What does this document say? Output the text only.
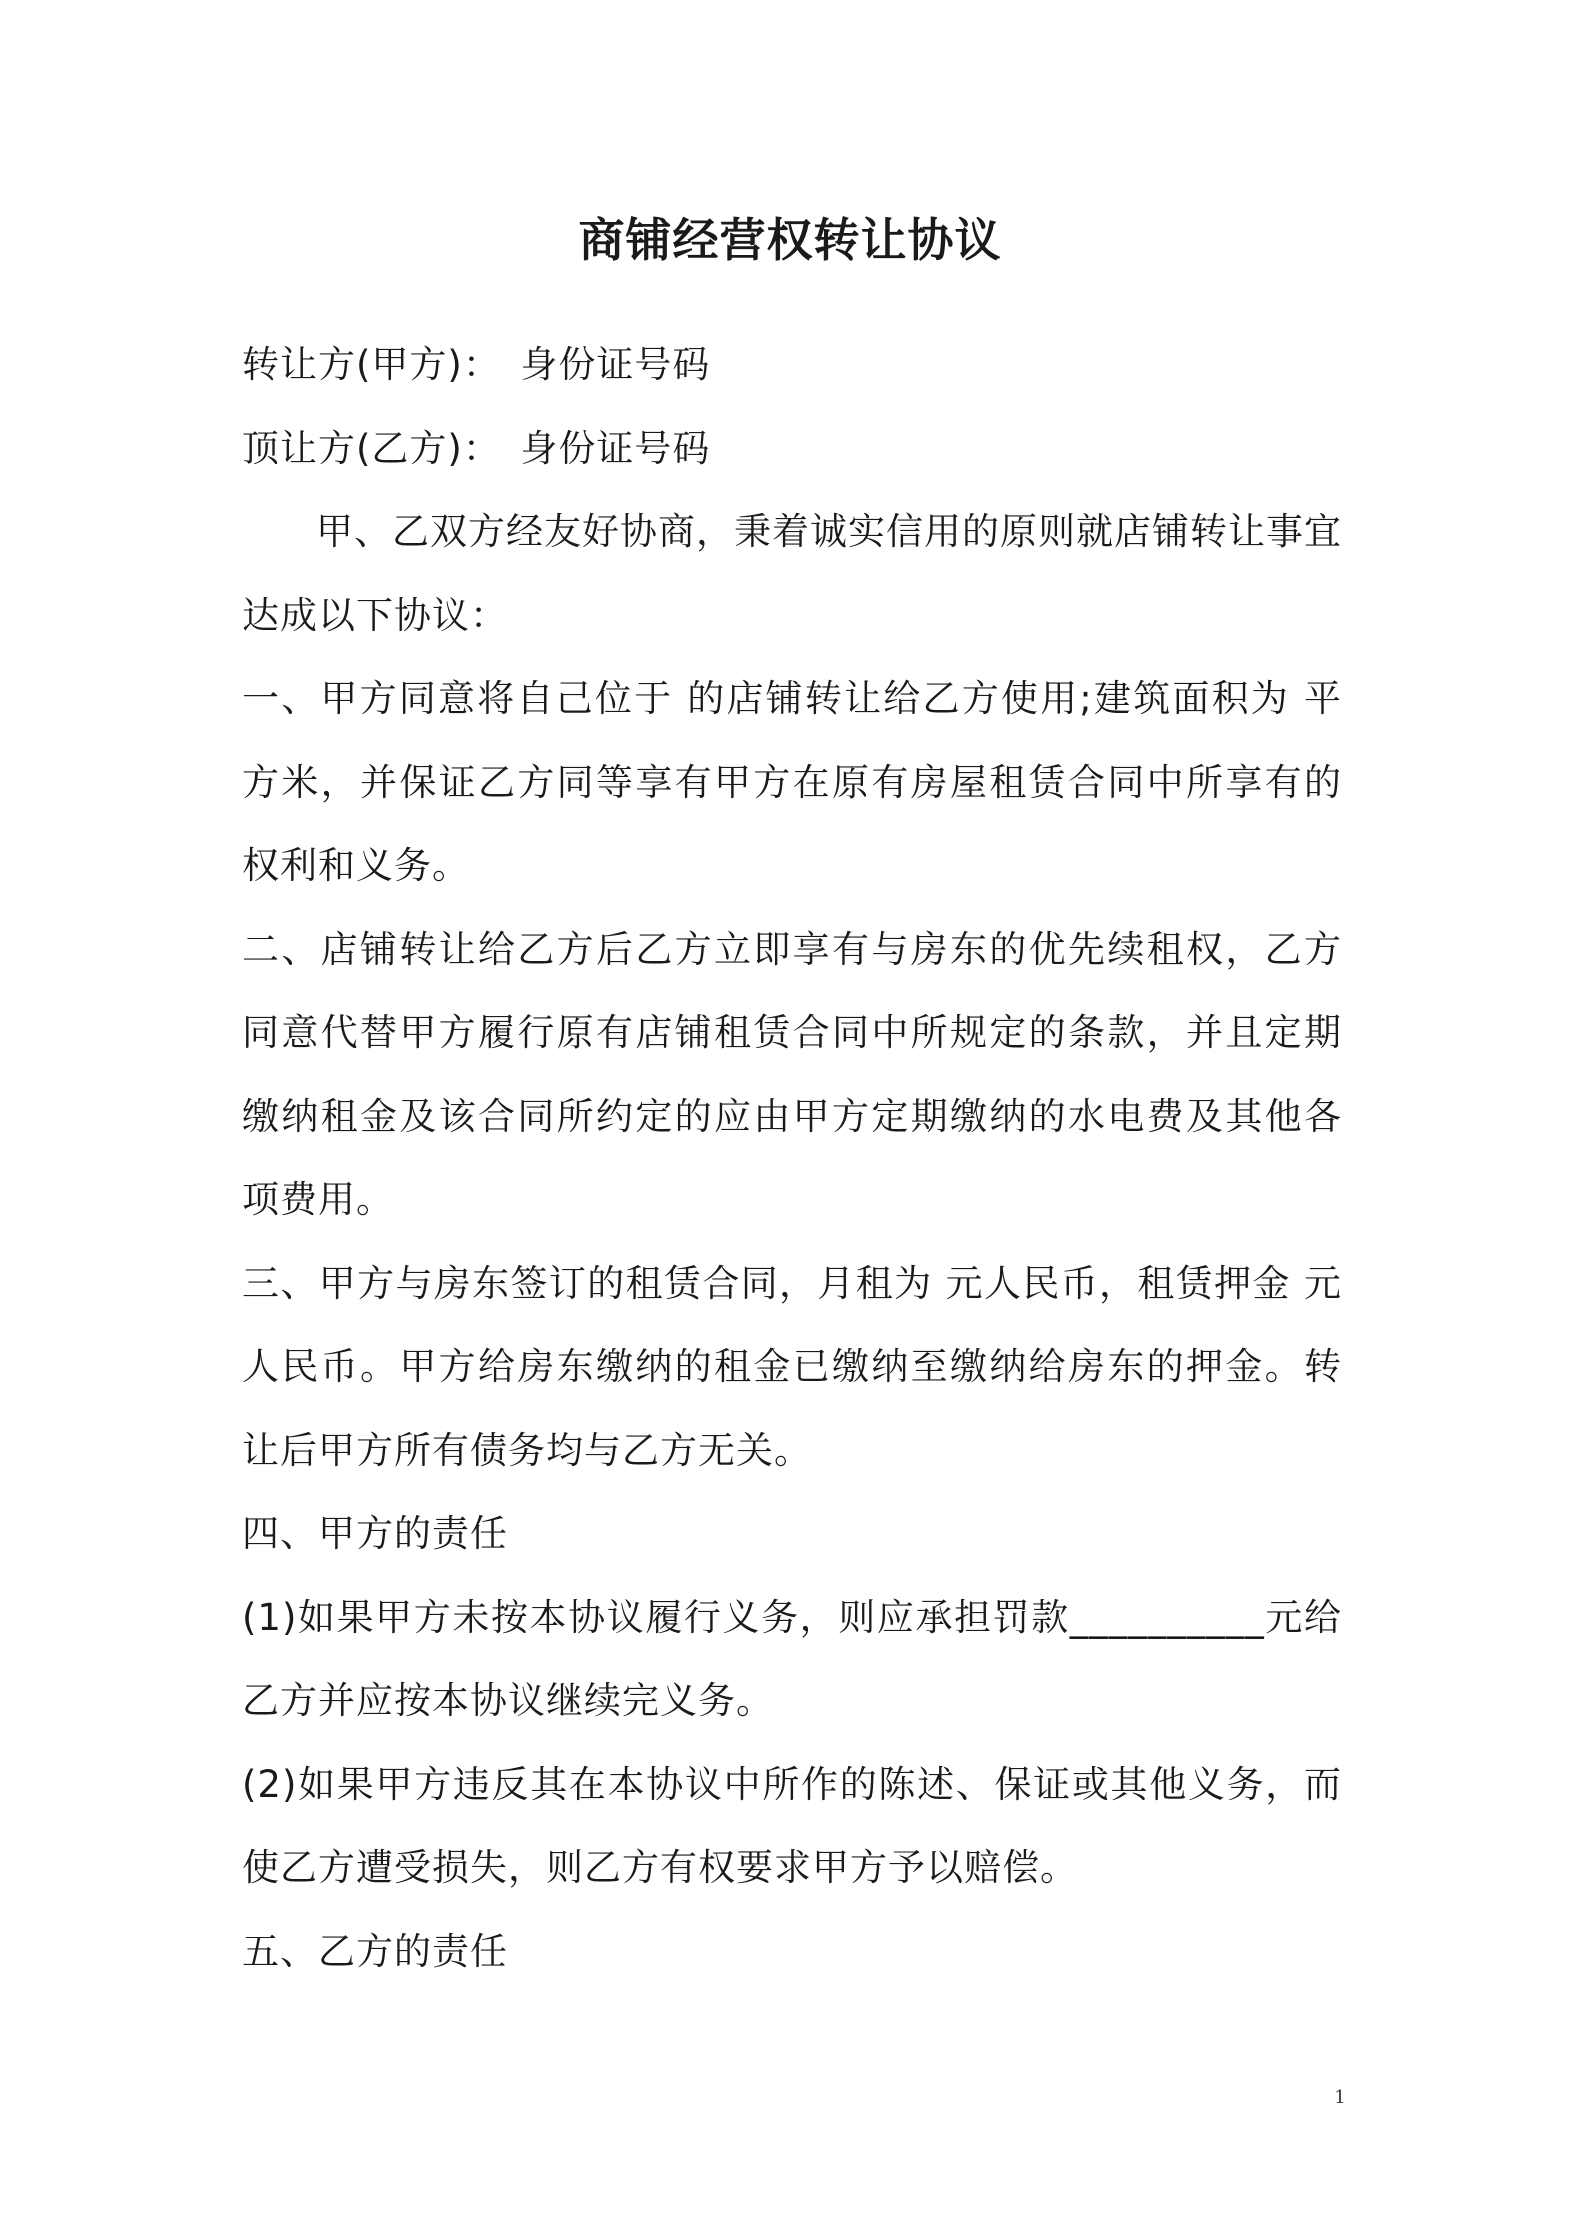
商铺经营权转让协议

转让方(甲方)：　身份证号码

顶让方(乙方)：　身份证号码

甲、乙双方经友好协商，秉着诚实信用的原则就店铺转让事宜达成以下协议：

一、甲方同意将自己位于 的店铺转让给乙方使用;建筑面积为 平方米，并保证乙方同等享有甲方在原有房屋租赁合同中所享有的权利和义务。

二、店铺转让给乙方后乙方立即享有与房东的优先续租权，乙方同意代替甲方履行原有店铺租赁合同中所规定的条款，并且定期缴纳租金及该合同所约定的应由甲方定期缴纳的水电费及其他各项费用。

三、甲方与房东签订的租赁合同，月租为 元人民币，租赁押金 元人民币。甲方给房东缴纳的租金已缴纳至缴纳给房东的押金。转让后甲方所有债务均与乙方无关。

四、甲方的责任

(1)如果甲方未按本协议履行义务，则应承担罚款__________元给乙方并应按本协议继续完义务。

(2)如果甲方违反其在本协议中所作的陈述、保证或其他义务，而 使乙方遭受损失，则乙方有权要求甲方予以赔偿。

五、乙方的责任

1
